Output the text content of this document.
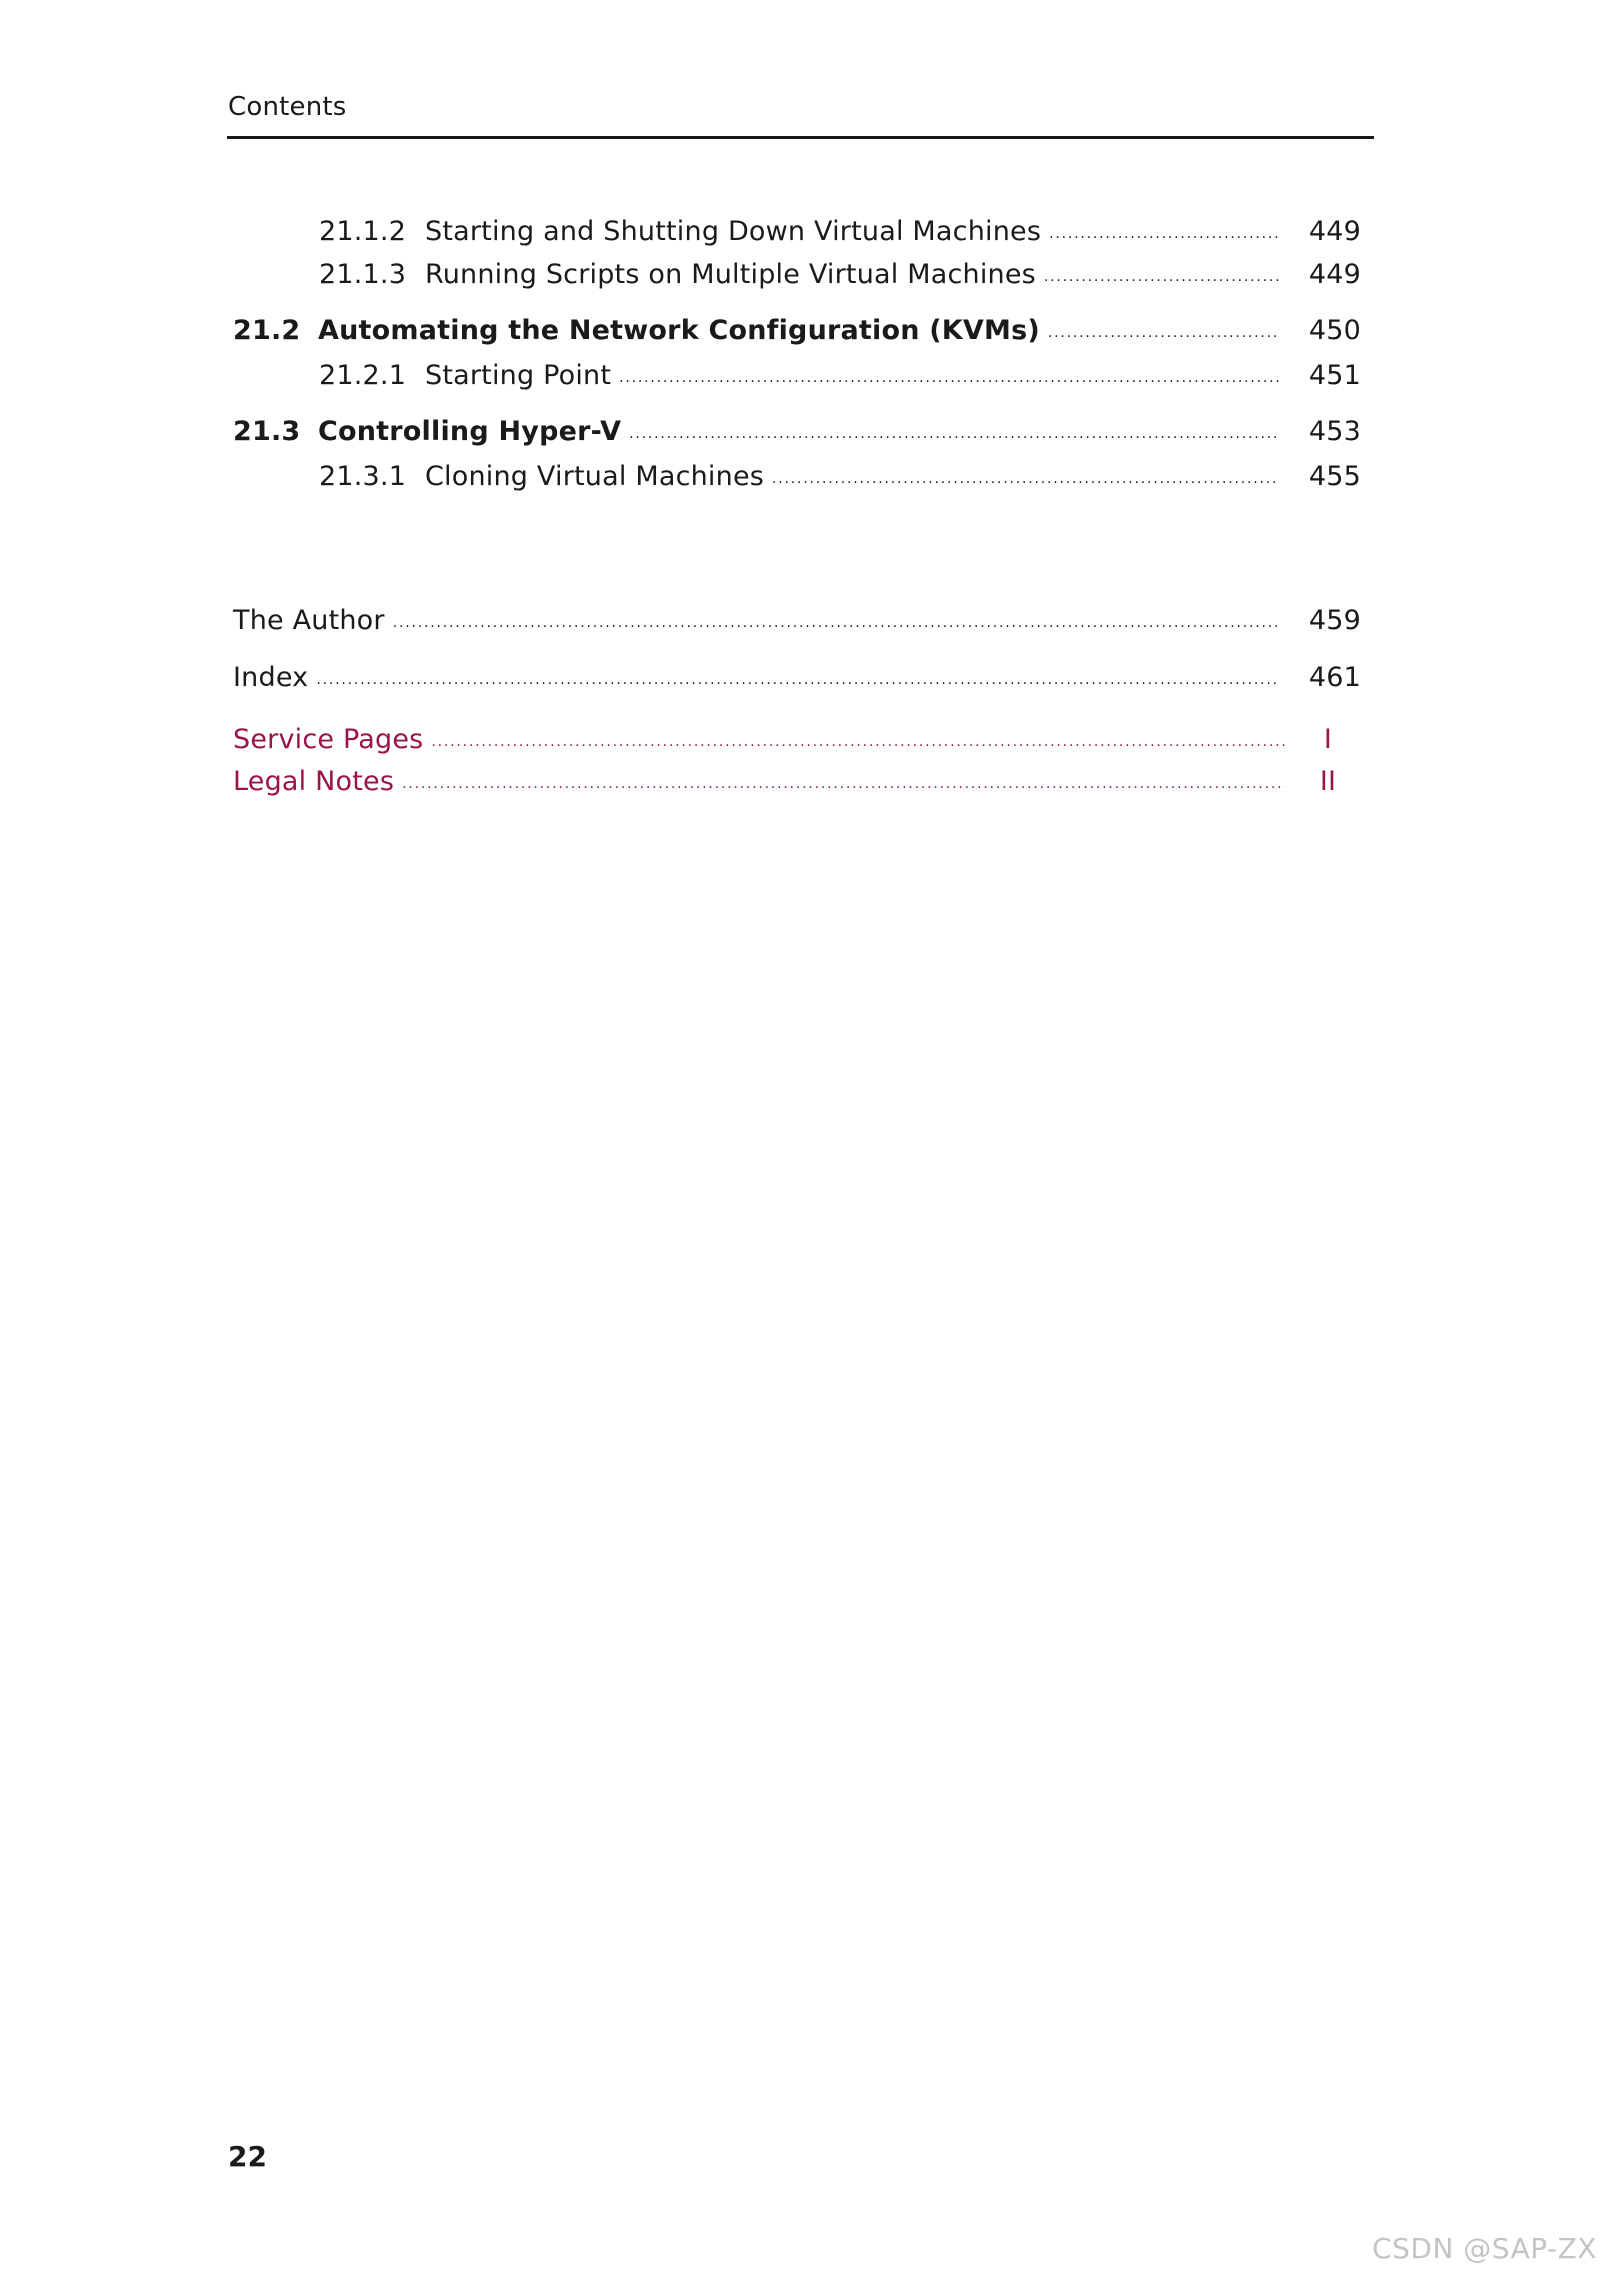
Contents
21.1.2 Starting and Shutting Down Virtual Machines .....	449
21.1.3 Running Scripts on Multiple Virtual Machines .....	449
21.2 Automating the Network Configuration (KVMs) .....	450
21.2.1 Starting Point .....	451
21.3 Controlling Hyper-V .....	453
21.3.1 Cloning Virtual Machines .....	455
The Author .....	459
Index .....	461
Service Pages .....	I
Legal Notes .....	II
22
CSDN @SAP-ZX
